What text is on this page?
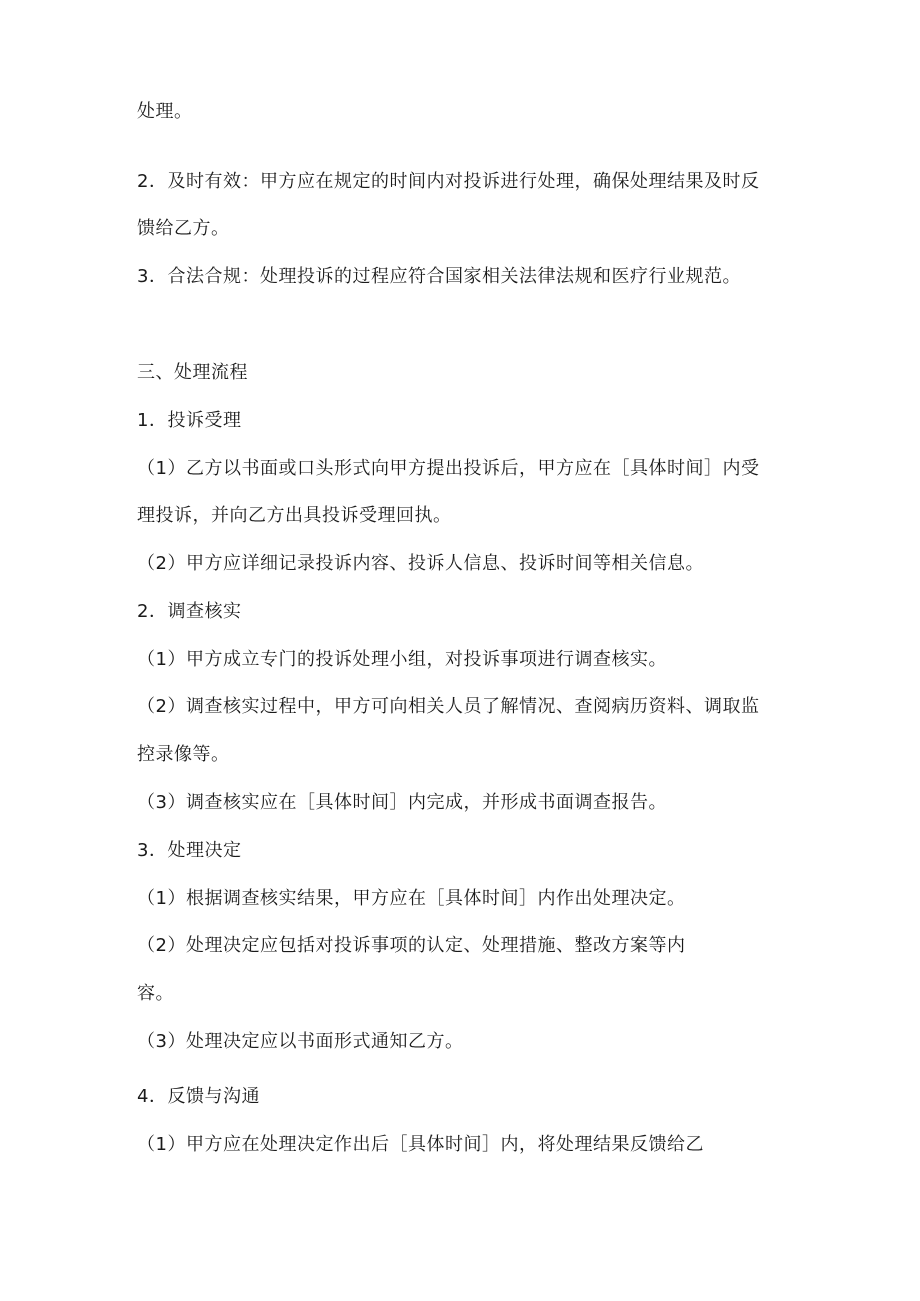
处理。
2．及时有效：甲方应在规定的时间内对投诉进行处理，确保处理结果及时反
馈给乙方。
3．合法合规：处理投诉的过程应符合国家相关法律法规和医疗行业规范。
三、处理流程
1．投诉受理
（1）乙方以书面或口头形式向甲方提出投诉后，甲方应在［具体时间］内受
理投诉，并向乙方出具投诉受理回执。
（2）甲方应详细记录投诉内容、投诉人信息、投诉时间等相关信息。
2．调查核实
（1）甲方成立专门的投诉处理小组，对投诉事项进行调查核实。
（2）调查核实过程中，甲方可向相关人员了解情况、查阅病历资料、调取监
控录像等。
（3）调查核实应在［具体时间］内完成，并形成书面调查报告。
3．处理决定
（1）根据调查核实结果，甲方应在［具体时间］内作出处理决定。
（2）处理决定应包括对投诉事项的认定、处理措施、整改方案等内
容。
（3）处理决定应以书面形式通知乙方。
4．反馈与沟通
（1）甲方应在处理决定作出后［具体时间］内，将处理结果反馈给乙
